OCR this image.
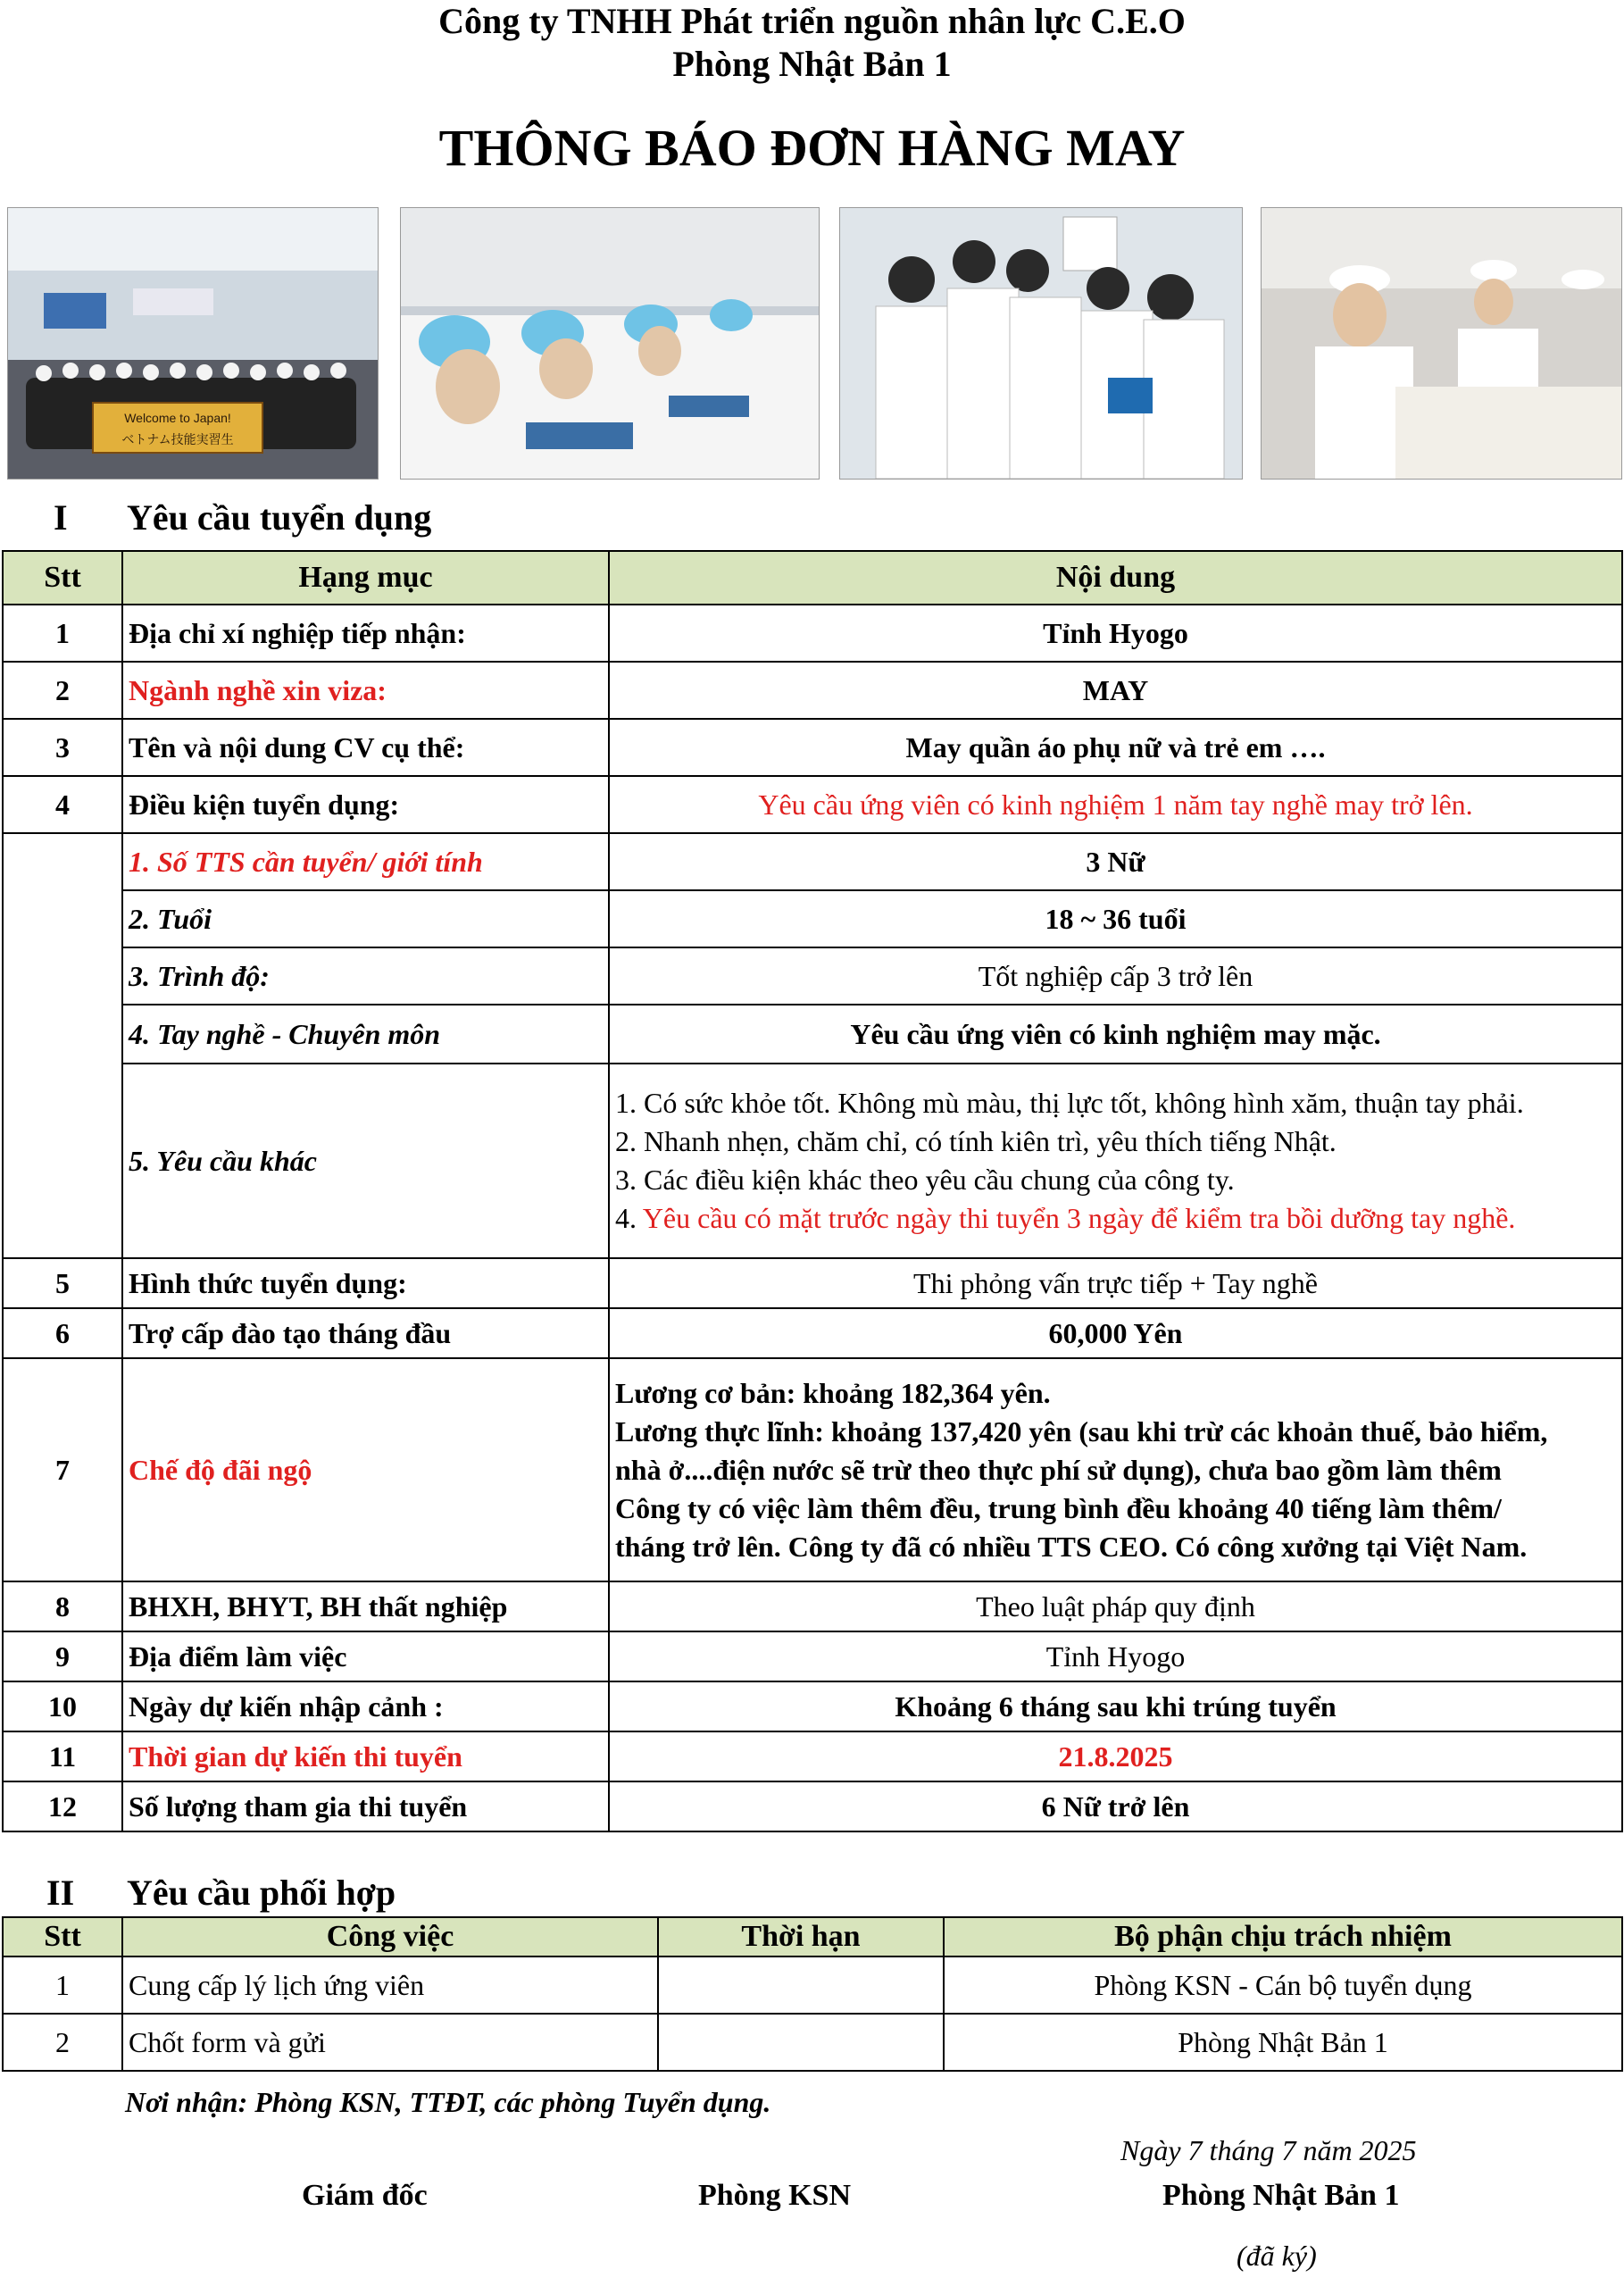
Công ty TNHH Phát triển nguồn nhân lực C.E.O
Phòng Nhật Bản 1
THÔNG BÁO ĐƠN HÀNG MAY
Welcome to Japan!
ベトナム技能実習生
I Yêu cầu tuyển dụng
Stt	Hạng mục	Nội dung
1	Địa chỉ xí nghiệp tiếp nhận:	Tỉnh Hyogo
2	Ngành nghề xin viza:	MAY
3	Tên và nội dung CV cụ thể:	May quần áo phụ nữ và trẻ em ….
4	Điều kiện tuyển dụng:	Yêu cầu ứng viên có kinh nghiệm 1 năm tay nghề may trở lên.
	1. Số TTS cần tuyển/ giới tính	3 Nữ
	2. Tuổi	18 ~ 36 tuổi
	3. Trình độ:	Tốt nghiệp cấp 3 trở lên
	4. Tay nghề - Chuyên môn	Yêu cầu ứng viên có kinh nghiệm may mặc.
	5. Yêu cầu khác	1. Có sức khỏe tốt. Không mù màu, thị lực tốt, không hình xăm, thuận tay phải.
2. Nhanh nhẹn, chăm chỉ, có tính kiên trì, yêu thích tiếng Nhật.
3. Các điều kiện khác theo yêu cầu chung của công ty.
4. Yêu cầu có mặt trước ngày thi tuyển 3 ngày để kiểm tra bồi dưỡng tay nghề.

5	Hình thức tuyển dụng:	Thi phỏng vấn trực tiếp + Tay nghề
6	Trợ cấp đào tạo tháng đầu	60,000 Yên
7	Chế độ đãi ngộ	Lương cơ bản: khoảng 182,364 yên.
Lương thực lĩnh: khoảng 137,420 yên (sau khi trừ các khoản thuế, bảo hiểm,
nhà ở....điện nước sẽ trừ theo thực phí sử dụng), chưa bao gồm làm thêm
Công ty có việc làm thêm đều, trung bình đều khoảng 40 tiếng làm thêm/
tháng trở lên. Công ty đã có nhiều TTS CEO. Có công xưởng tại Việt Nam.

8	BHXH, BHYT, BH thất nghiệp	Theo luật pháp quy định
9	Địa điểm làm việc	Tỉnh Hyogo
10	Ngày dự kiến nhập cảnh :	Khoảng 6 tháng sau khi trúng tuyển
11	Thời gian dự kiến thi tuyển	21.8.2025
12	Số lượng tham gia thi tuyển	6 Nữ trở lên
II Yêu cầu phối hợp
Stt	Công việc	Thời hạn	Bộ phận chịu trách nhiệm
1	Cung cấp lý lịch ứng viên		Phòng KSN - Cán bộ tuyển dụng
2	Chốt form và gửi		Phòng Nhật Bản 1
Nơi nhận: Phòng KSN, TTĐT, các phòng Tuyển dụng.
Ngày 7 tháng 7 năm 2025
Giám đốc	Phòng KSN	Phòng Nhật Bản 1
(đã ký)
